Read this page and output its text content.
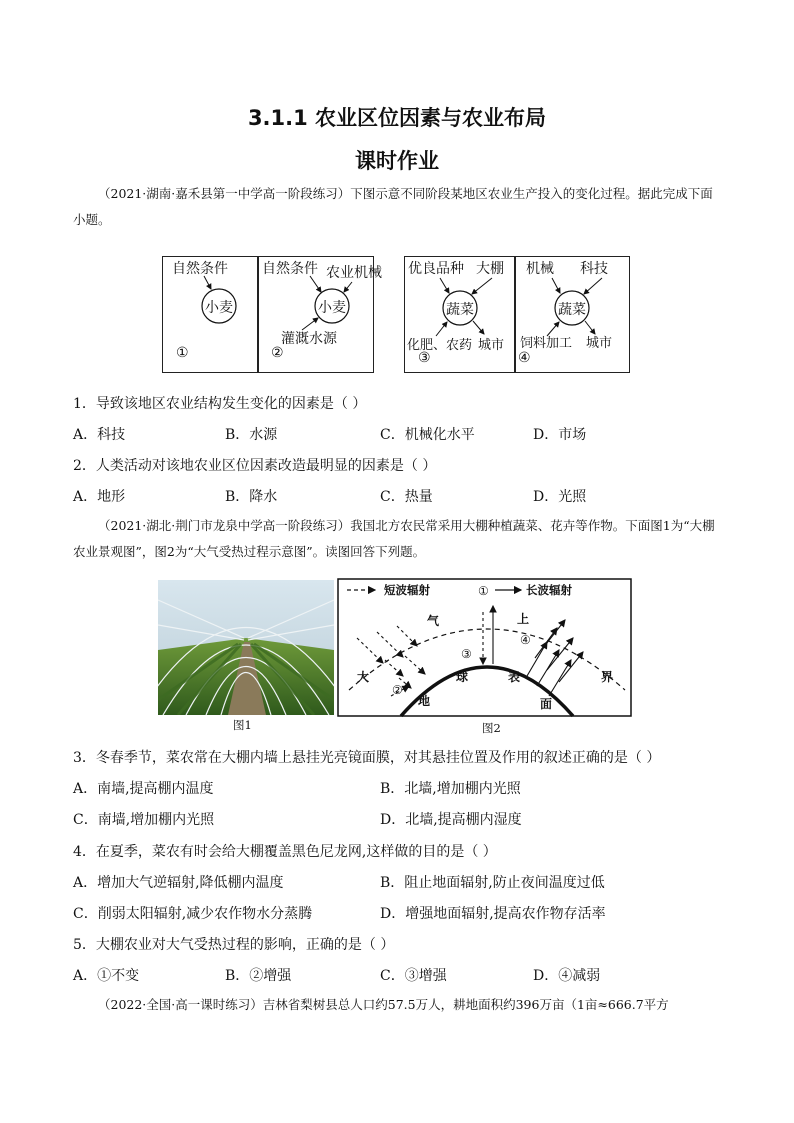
3.1.1 农业区位因素与农业布局
课时作业
（2021·湖南·嘉禾县第一中学高一阶段练习）下图示意不同阶段某地区农业生产投入的变化过程。据此完成下面小题。
自然条件
小麦
①
自然条件 农业机械
小麦
灌溉水源
②
优良品种 大棚
蔬菜
化肥、农药 城市
③
机械 科技
蔬菜
饲料加工 城市
④
1．导致该地区农业结构发生变化的因素是（ ）
A．科技	B．水源	C．机械化水平	D．市场
2．人类活动对该地农业区位因素改造最明显的因素是（ ）
A．地形	B．降水	C．热量	D．光照
（2021·湖北·荆门市龙泉中学高一阶段练习）我国北方农民常采用大棚种植蔬菜、花卉等作物。下面图1为“大棚农业景观图”，图2为“大气受热过程示意图”。读图回答下列题。
图1
短波辐射	长波辐射
大
气	上
界
地
球	表
面
①
②
③
④
图2
3．冬春季节，菜农常在大棚内墙上悬挂光亮镜面膜，对其悬挂位置及作用的叙述正确的是（ ）
A．南墙,提高棚内温度	B．北墙,增加棚内光照
C．南墙,增加棚内光照	D．北墙,提高棚内湿度
4．在夏季，菜农有时会给大棚覆盖黑色尼龙网,这样做的目的是（ ）
A．增加大气逆辐射,降低棚内温度	B．阻止地面辐射,防止夜间温度过低
C．削弱太阳辐射,减少农作物水分蒸腾	D．增强地面辐射,提高农作物存活率
5．大棚农业对大气受热过程的影响，正确的是（ ）
A．①不变	B．②增强	C．③增强	D．④减弱
（2022·全国·高一课时练习）吉林省梨树县总人口约57.5万人，耕地面积约396万亩（1亩≈666.7平方
